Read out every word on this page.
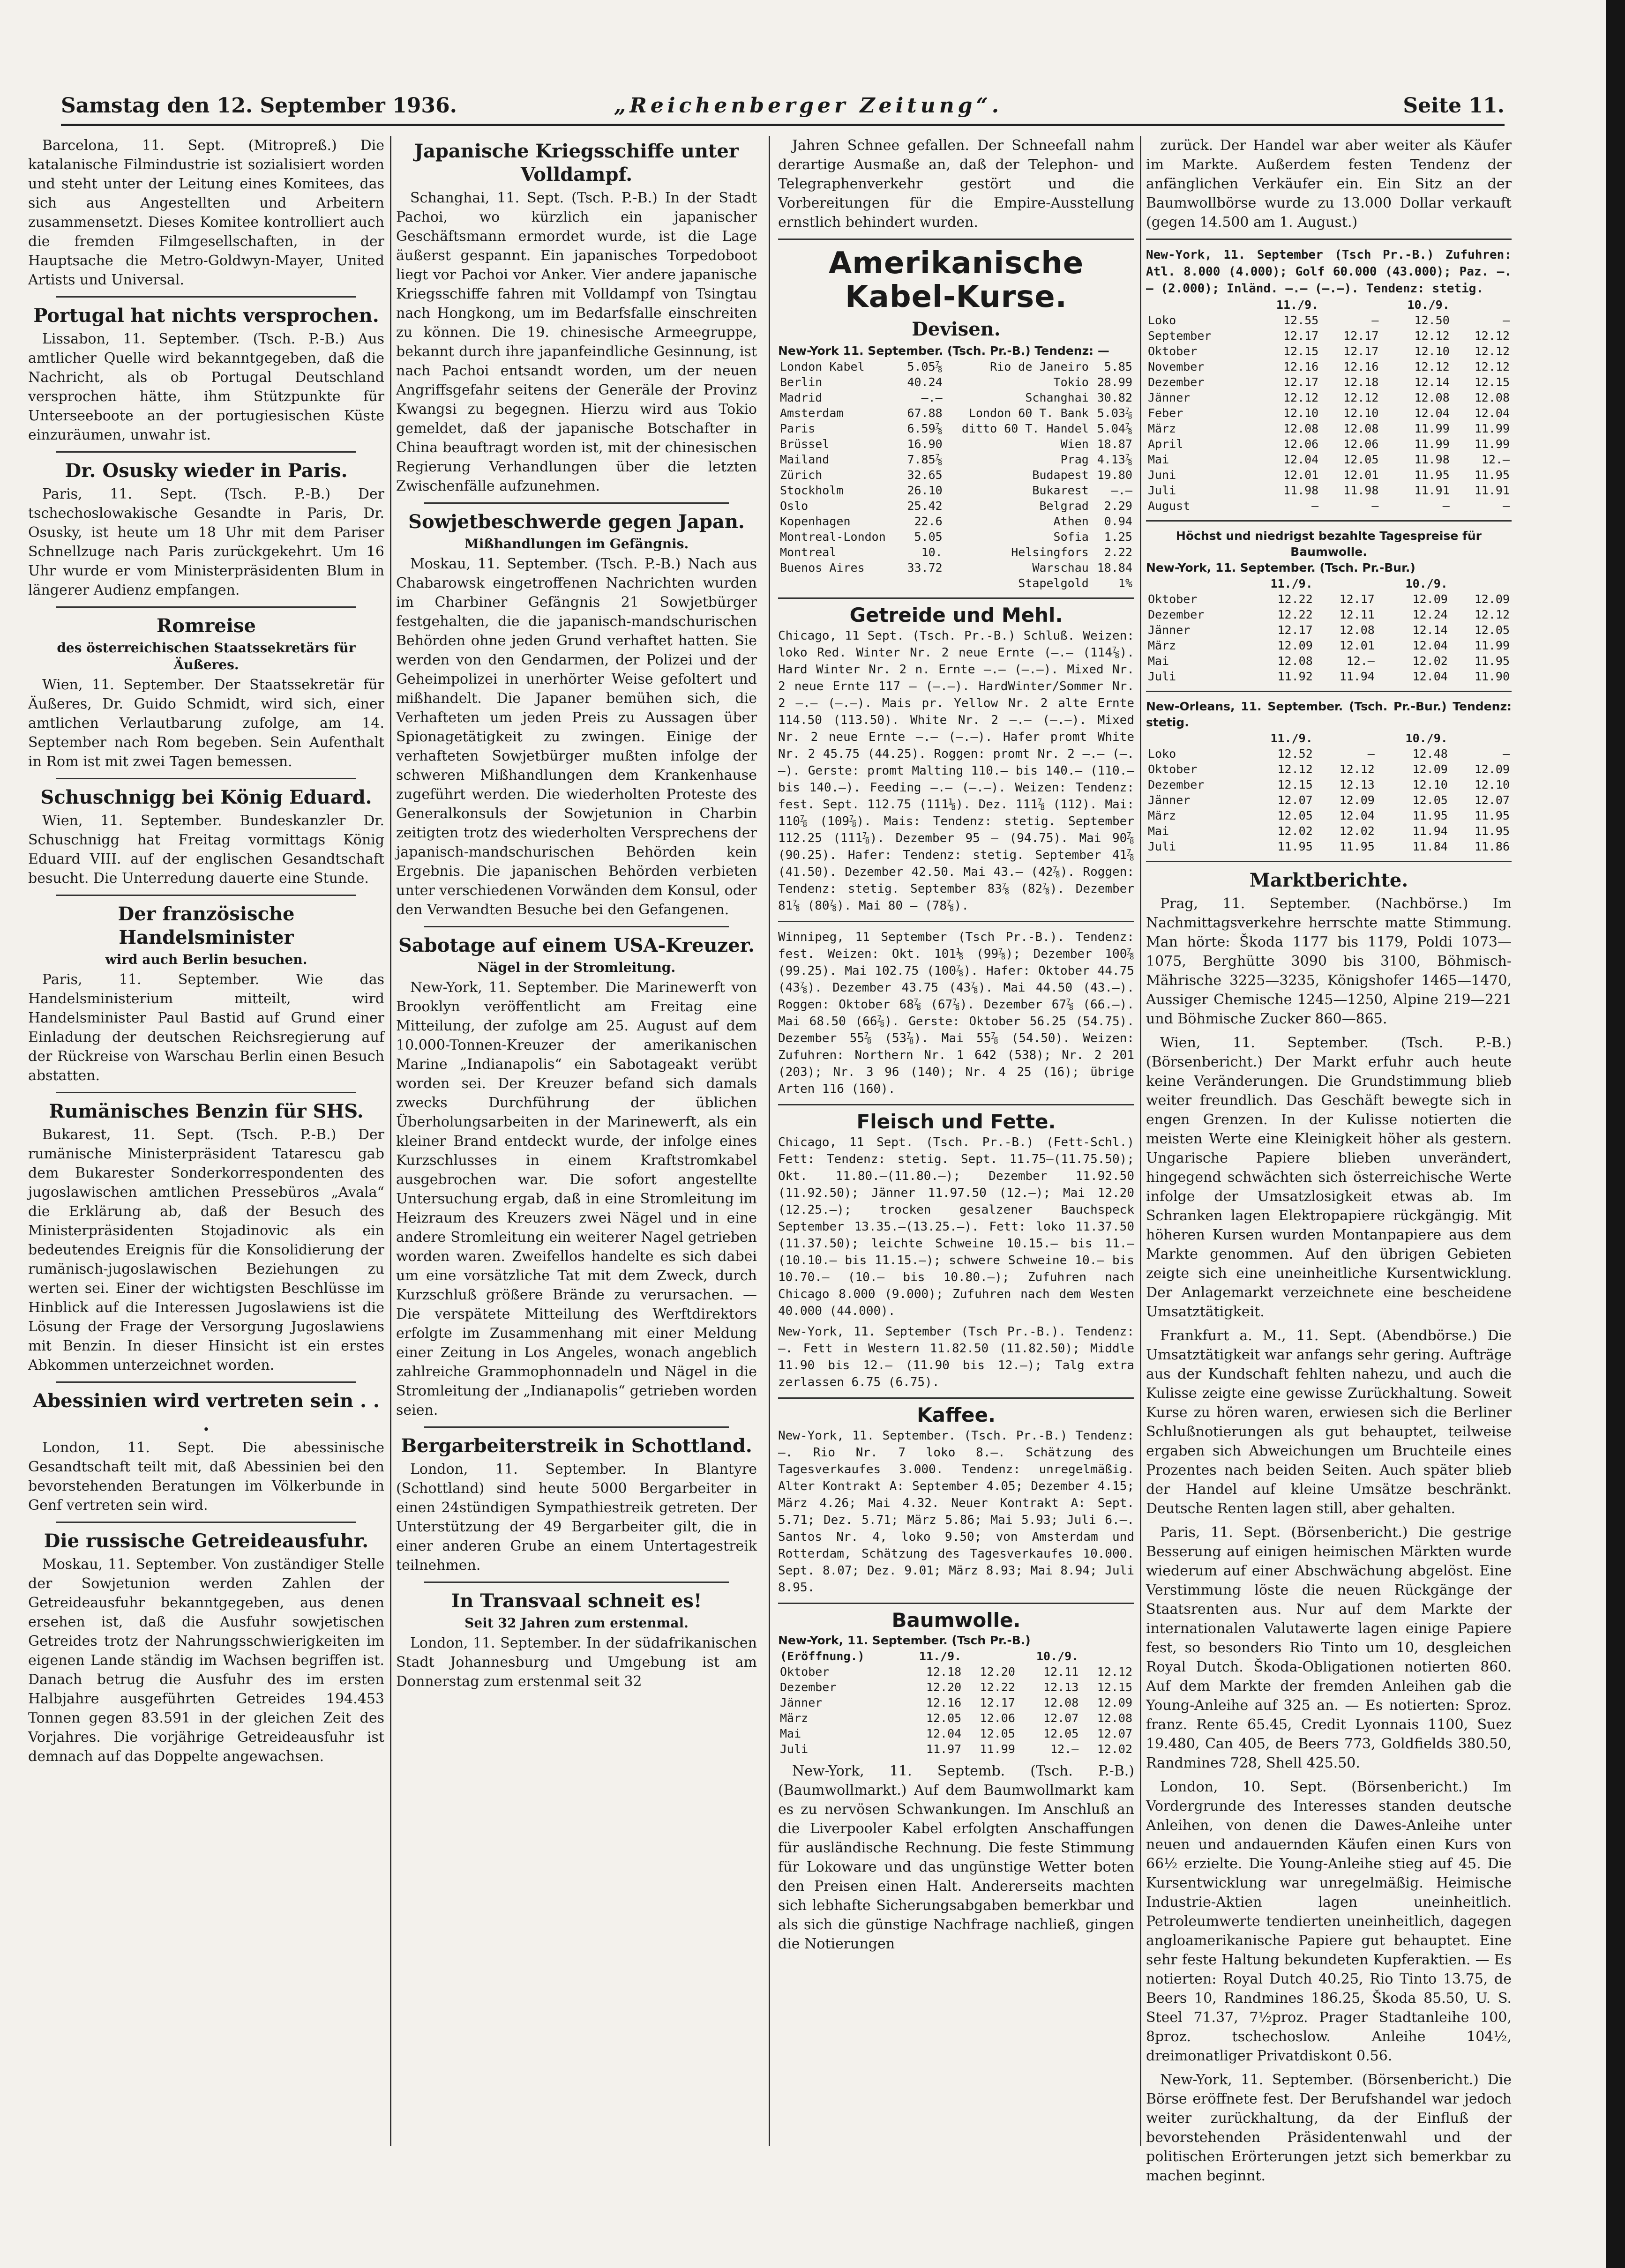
Samstag den 12. September 1936.	„Reichenberger Zeitung“.	Seite 11.

Barcelona, 11. Sept. (Mitropreß.) Die katalanische Filmindustrie ist sozialisiert worden und steht unter der Leitung eines Komitees, das sich aus Angestellten und Arbeitern zusammensetzt. Dieses Komitee kontrolliert auch die fremden Filmgesellschaften, in der Hauptsache die Metro-Goldwyn-Mayer, United Artists und Universal.

Portugal hat nichts versprochen.

Lissabon, 11. September. (Tsch. P.-B.) Aus amtlicher Quelle wird bekanntgegeben, daß die Nachricht, als ob Portugal Deutschland versprochen hätte, ihm Stützpunkte für Unterseeboote an der portugiesischen Küste einzuräumen, unwahr ist.

Dr. Osusky wieder in Paris.

Paris, 11. Sept. (Tsch. P.-B.) Der tschechoslowakische Gesandte in Paris, Dr. Osusky, ist heute um 18 Uhr mit dem Pariser Schnellzuge nach Paris zurückgekehrt. Um 16 Uhr wurde er vom Ministerpräsidenten Blum in längerer Audienz empfangen.

Romreise
des österreichischen Staatssekretärs für Äußeres.

Wien, 11. September. Der Staatssekretär für Äußeres, Dr. Guido Schmidt, wird sich, einer amtlichen Verlautbarung zufolge, am 14. September nach Rom begeben. Sein Aufenthalt in Rom ist mit zwei Tagen bemessen.

Schuschnigg bei König Eduard.

Wien, 11. September. Bundeskanzler Dr. Schuschnigg hat Freitag vormittags König Eduard VIII. auf der englischen Gesandtschaft besucht. Die Unterredung dauerte eine Stunde.

Der französische Handelsminister
wird auch Berlin besuchen.

Paris, 11. September. Wie das Handelsministerium mitteilt, wird Handelsminister Paul Bastid auf Grund einer Einladung der deutschen Reichsregierung auf der Rückreise von Warschau Berlin einen Besuch abstatten.

Rumänisches Benzin für SHS.

Bukarest, 11. Sept. (Tsch. P.-B.) Der rumänische Ministerpräsident Tatarescu gab dem Bukarester Sonderkorrespondenten des jugoslawischen amtlichen Pressebüros „Avala“ die Erklärung ab, daß der Besuch des Ministerpräsidenten Stojadinovic als ein bedeutendes Ereignis für die Konsolidierung der rumänisch-jugoslawischen Beziehungen zu werten sei. Einer der wichtigsten Beschlüsse im Hinblick auf die Interessen Jugoslawiens ist die Lösung der Frage der Versorgung Jugoslawiens mit Benzin. In dieser Hinsicht ist ein erstes Abkommen unterzeichnet worden.

Abessinien wird vertreten sein . . .

London, 11. Sept. Die abessinische Gesandtschaft teilt mit, daß Abessinien bei den bevorstehenden Beratungen im Völkerbunde in Genf vertreten sein wird.

Die russische Getreideausfuhr.

Moskau, 11. September. Von zuständiger Stelle der Sowjetunion werden Zahlen der Getreideausfuhr bekanntgegeben, aus denen ersehen ist, daß die Ausfuhr sowjetischen Getreides trotz der Nahrungsschwierigkeiten im eigenen Lande ständig im Wachsen begriffen ist. Danach betrug die Ausfuhr des im ersten Halbjahre ausgeführten Getreides 194.453 Tonnen gegen 83.591 in der gleichen Zeit des Vorjahres. Die vorjährige Getreideausfuhr ist demnach auf das Doppelte angewachsen.

Japanische Kriegsschiffe unter Volldampf.

Schanghai, 11. Sept. (Tsch. P.-B.) In der Stadt Pachoi, wo kürzlich ein japanischer Geschäftsmann ermordet wurde, ist die Lage äußerst gespannt. Ein japanisches Torpedoboot liegt vor Pachoi vor Anker. Vier andere japanische Kriegsschiffe fahren mit Volldampf von Tsingtau nach Hongkong, um im Bedarfsfalle einschreiten zu können. Die 19. chinesische Armeegruppe, bekannt durch ihre japanfeindliche Gesinnung, ist nach Pachoi entsandt worden, um der neuen Angriffsgefahr seitens der Generäle der Provinz Kwangsi zu begegnen. Hierzu wird aus Tokio gemeldet, daß der japanische Botschafter in China beauftragt worden ist, mit der chinesischen Regierung Verhandlungen über die letzten Zwischenfälle aufzunehmen.

Sowjetbeschwerde gegen Japan.
Mißhandlungen im Gefängnis.

Moskau, 11. September. (Tsch. P.-B.) Nach aus Chabarowsk eingetroffenen Nachrichten wurden im Charbiner Gefängnis 21 Sowjetbürger festgehalten, die die japanisch-mandschurischen Behörden ohne jeden Grund verhaftet hatten. Sie werden von den Gendarmen, der Polizei und der Geheimpolizei in unerhörter Weise gefoltert und mißhandelt. Die Japaner bemühen sich, die Verhafteten um jeden Preis zu Aussagen über Spionagetätigkeit zu zwingen. Einige der verhafteten Sowjetbürger mußten infolge der schweren Mißhandlungen dem Krankenhause zugeführt werden. Die wiederholten Proteste des Generalkonsuls der Sowjetunion in Charbin zeitigten trotz des wiederholten Versprechens der japanisch-mandschurischen Behörden kein Ergebnis. Die japanischen Behörden verbieten unter verschiedenen Vorwänden dem Konsul, oder den Verwandten Besuche bei den Gefangenen.

Sabotage auf einem USA-Kreuzer.
Nägel in der Stromleitung.

New-York, 11. September. Die Marinewerft von Brooklyn veröffentlicht am Freitag eine Mitteilung, der zufolge am 25. August auf dem 10.000-Tonnen-Kreuzer der amerikanischen Marine „Indianapolis“ ein Sabotageakt verübt worden sei. Der Kreuzer befand sich damals zwecks Durchführung der üblichen Überholungsarbeiten in der Marinewerft, als ein kleiner Brand entdeckt wurde, der infolge eines Kurzschlusses in einem Kraftstromkabel ausgebrochen war. Die sofort angestellte Untersuchung ergab, daß in eine Stromleitung im Heizraum des Kreuzers zwei Nägel und in eine andere Stromleitung ein weiterer Nagel getrieben worden waren. Zweifellos handelte es sich dabei um eine vorsätzliche Tat mit dem Zweck, durch Kurzschluß größere Brände zu verursachen. — Die verspätete Mitteilung des Werftdirektors erfolgte im Zusammenhang mit einer Meldung einer Zeitung in Los Angeles, wonach angeblich zahlreiche Grammophonnadeln und Nägel in die Stromleitung der „Indianapolis“ getrieben worden seien.

Bergarbeiterstreik in Schottland.

London, 11. September. In Blantyre (Schottland) sind heute 5000 Bergarbeiter in einen 24stündigen Sympathiestreik getreten. Der Unterstützung der 49 Bergarbeiter gilt, die in einer anderen Grube an einem Untertagestreik teilnehmen.

In Transvaal schneit es!
Seit 32 Jahren zum erstenmal.

London, 11. September. In der südafrikanischen Stadt Johannesburg und Umgebung ist am Donnerstag zum erstenmal seit 32

Jahren Schnee gefallen. Der Schneefall nahm derartige Ausmaße an, daß der Telephon- und Telegraphenverkehr gestört und die Vorbereitungen für die Empire-Ausstellung ernstlich behindert wurden.

Amerikanische Kabel-Kurse.
Devisen.
New-York 11. September. (Tsch. Pr.-B.) Tendenz: —
London Kabel	5.05⅞	Rio de Janeiro	5.85
Berlin	40.24	Tokio	28.99
Madrid	—.—	Schanghai	30.82
Amsterdam	67.88	London 60 T. Bank	5.03⅞
Paris	6.59⅞	ditto 60 T. Handel	5.04⅞
Brüssel	16.90	Wien	18.87
Mailand	7.85⅞	Prag	4.13⅞
Zürich	32.65	Budapest	19.80
Stockholm	26.10	Bukarest	—.—
Oslo	25.42	Belgrad	2.29
Kopenhagen	22.6	Athen	0.94
Montreal-London	5.05	Sofia	1.25
Montreal	10.	Helsingfors	2.22
Buenos Aires	33.72	Warschau	18.84
		Stapelgold	1%
Getreide und Mehl.
Chicago, 11 Sept. (Tsch. Pr.-B.) Schluß. Weizen: loko Red. Winter Nr. 2 neue Ernte (—.— (114⅞). Hard Winter Nr. 2 n. Ernte —.— (—.—). Mixed Nr. 2 neue Ernte 117 — (—.—). HardWinter/Sommer Nr. 2 —.— (—.—). Mais pr. Yellow Nr. 2 alte Ernte 114.50 (113.50). White Nr. 2 —.— (—.—). Mixed Nr. 2 neue Ernte —.— (—.—). Hafer promt White Nr. 2 45.75 (44.25). Roggen: promt Nr. 2 —.— (—.—). Gerste: promt Malting 110.— bis 140.— (110.— bis 140.—). Feeding —.— (—.—). Weizen: Tendenz: fest. Sept. 112.75 (111⅛). Dez. 111⅞ (112). Mai: 110⅞ (109⅞). Mais: Tendenz: stetig. September 112.25 (111⅞). Dezember 95 — (94.75). Mai 90⅞ (90.25). Hafer: Tendenz: stetig. September 41⅞ (41.50). Dezember 42.50. Mai 43.— (42⅞). Roggen: Tendenz: stetig. September 83⅞ (82⅞). Dezember 81⅞ (80⅞). Mai 80 — (78⅞).
Winnipeg, 11 September (Tsch Pr.-B.). Tendenz: fest. Weizen: Okt. 101⅛ (99⅞); Dezember 100⅞ (99.25). Mai 102.75 (100⅞). Hafer: Oktober 44.75 (43⅞). Dezember 43.75 (43⅞). Mai 44.50 (43.—). Roggen: Oktober 68⅞ (67⅞). Dezember 67⅞ (66.—). Mai 68.50 (66⅞). Gerste: Oktober 56.25 (54.75). Dezember 55⅞ (53⅞). Mai 55⅞ (54.50). Weizen: Zufuhren: Northern Nr. 1 642 (538); Nr. 2 201 (203); Nr. 3 96 (140); Nr. 4 25 (16); übrige Arten 116 (160).
Fleisch und Fette.
Chicago, 11 Sept. (Tsch. Pr.-B.) (Fett-Schl.) Fett: Tendenz: stetig. Sept. 11.75—(11.75.50); Okt. 11.80.—(11.80.—); Dezember 11.92.50 (11.92.50); Jänner 11.97.50 (12.—); Mai 12.20 (12.25.—); trocken gesalzener Bauchspeck September 13.35.—(13.25.—). Fett: loko 11.37.50 (11.37.50); leichte Schweine 10.15.— bis 11.—(10.10.— bis 11.15.—); schwere Schweine 10.— bis 10.70.— (10.— bis 10.80.—); Zufuhren nach Chicago 8.000 (9.000); Zufuhren nach dem Westen 40.000 (44.000).
New-York, 11. September (Tsch Pr.-B.). Tendenz: —. Fett in Western 11.82.50 (11.82.50); Middle 11.90 bis 12.— (11.90 bis 12.—); Talg extra zerlassen 6.75 (6.75).
Kaffee.
New-York, 11. September. (Tsch. Pr.-B.) Tendenz: —. Rio Nr. 7 loko 8.—. Schätzung des Tagesverkaufes 3.000. Tendenz: unregelmäßig. Alter Kontrakt A: September 4.05; Dezember 4.15; März 4.26; Mai 4.32. Neuer Kontrakt A: Sept. 5.71; Dez. 5.71; März 5.86; Mai 5.93; Juli 6.—. Santos Nr. 4, loko 9.50; von Amsterdam und Rotterdam, Schätzung des Tagesverkaufes 10.000. Sept. 8.07; Dez. 9.01; März 8.93; Mai 8.94; Juli 8.95.
Baumwolle.
New-York, 11. September. (Tsch Pr.-B.)
(Eröffnung.)	11./9.		10./9.	
Oktober	12.18	12.20	12.11	12.12
Dezember	12.20	12.22	12.13	12.15
Jänner	12.16	12.17	12.08	12.09
März	12.05	12.06	12.07	12.08
Mai	12.04	12.05	12.05	12.07
Juli	11.97	11.99	12.—	12.02

New-York, 11. Septemb. (Tsch. P.-B.) (Baumwollmarkt.) Auf dem Baumwollmarkt kam es zu nervösen Schwankungen. Im Anschluß an die Liverpooler Kabel erfolgten Anschaffungen für ausländische Rechnung. Die feste Stimmung für Lokoware und das ungünstige Wetter boten den Preisen einen Halt. Andererseits machten sich lebhafte Sicherungsabgaben bemerkbar und als sich die günstige Nachfrage nachließ, gingen die Notierungen

zurück. Der Handel war aber weiter als Käufer im Markte. Außerdem festen Tendenz der anfänglichen Verkäufer ein. Ein Sitz an der Baumwollbörse wurde zu 13.000 Dollar verkauft (gegen 14.500 am 1. August.)

New-York, 11. September (Tsch Pr.-B.) Zufuhren: Atl. 8.000 (4.000); Golf 60.000 (43.000); Paz. —.— (2.000); Inländ. —.— (—.—). Tendenz: stetig.
	11./9.		10./9.	
Loko	12.55	—	12.50	—
September	12.17	12.17	12.12	12.12
Oktober	12.15	12.17	12.10	12.12
November	12.16	12.16	12.12	12.12
Dezember	12.17	12.18	12.14	12.15
Jänner	12.12	12.12	12.08	12.08
Feber	12.10	12.10	12.04	12.04
März	12.08	12.08	11.99	11.99
April	12.06	12.06	11.99	11.99
Mai	12.04	12.05	11.98	12.—
Juni	12.01	12.01	11.95	11.95
Juli	11.98	11.98	11.91	11.91
August	—	—	—	—
Höchst und niedrigst bezahlte Tagespreise für Baumwolle.
New-York, 11. September. (Tsch. Pr.-Bur.)
	11./9.		10./9.	
Oktober	12.22	12.17	12.09	12.09
Dezember	12.22	12.11	12.24	12.12
Jänner	12.17	12.08	12.14	12.05
März	12.09	12.01	12.04	11.99
Mai	12.08	12.—	12.02	11.95
Juli	11.92	11.94	12.04	11.90
New-Orleans, 11. September. (Tsch. Pr.-Bur.) Tendenz: stetig.
	11./9.		10./9.	
Loko	12.52	—	12.48	—
Oktober	12.12	12.12	12.09	12.09
Dezember	12.15	12.13	12.10	12.10
Jänner	12.07	12.09	12.05	12.07
März	12.05	12.04	11.95	11.95
Mai	12.02	12.02	11.94	11.95
Juli	11.95	11.95	11.84	11.86
Marktberichte.

Prag, 11. September. (Nachbörse.) Im Nachmittagsverkehre herrschte matte Stimmung. Man hörte: Škoda 1177 bis 1179, Poldi 1073—1075, Berghütte 3090 bis 3100, Böhmisch-Mährische 3225—3235, Königshofer 1465—1470, Aussiger Chemische 1245—1250, Alpine 219—221 und Böhmische Zucker 860—865.

Wien, 11. September. (Tsch. P.-B.) (Börsenbericht.) Der Markt erfuhr auch heute keine Veränderungen. Die Grundstimmung blieb weiter freundlich. Das Geschäft bewegte sich in engen Grenzen. In der Kulisse notierten die meisten Werte eine Kleinigkeit höher als gestern. Ungarische Papiere blieben unverändert, hingegend schwächten sich österreichische Werte infolge der Umsatzlosigkeit etwas ab. Im Schranken lagen Elektropapiere rückgängig. Mit höheren Kursen wurden Montanpapiere aus dem Markte genommen. Auf den übrigen Gebieten zeigte sich eine uneinheitliche Kursentwicklung. Der Anlagemarkt verzeichnete eine bescheidene Umsatztätigkeit.

Frankfurt a. M., 11. Sept. (Abendbörse.) Die Umsatztätigkeit war anfangs sehr gering. Aufträge aus der Kundschaft fehlten nahezu, und auch die Kulisse zeigte eine gewisse Zurückhaltung. Soweit Kurse zu hören waren, erwiesen sich die Berliner Schlußnotierungen als gut behauptet, teilweise ergaben sich Abweichungen um Bruchteile eines Prozentes nach beiden Seiten. Auch später blieb der Handel auf kleine Umsätze beschränkt. Deutsche Renten lagen still, aber gehalten.

Paris, 11. Sept. (Börsenbericht.) Die gestrige Besserung auf einigen heimischen Märkten wurde wiederum auf einer Abschwächung abgelöst. Eine Verstimmung löste die neuen Rückgänge der Staatsrenten aus. Nur auf dem Markte der internationalen Valutawerte lagen einige Papiere fest, so besonders Rio Tinto um 10, desgleichen Royal Dutch. Škoda-Obligationen notierten 860. Auf dem Markte der fremden Anleihen gab die Young-Anleihe auf 325 an. — Es notierten: Sproz. franz. Rente 65.45, Credit Lyonnais 1100, Suez 19.480, Can 405, de Beers 773, Goldfields 380.50, Randmines 728, Shell 425.50.

London, 10. Sept. (Börsenbericht.) Im Vordergrunde des Interesses standen deutsche Anleihen, von denen die Dawes-Anleihe unter neuen und andauernden Käufen einen Kurs von 66½ erzielte. Die Young-Anleihe stieg auf 45. Die Kursentwicklung war unregelmäßig. Heimische Industrie-Aktien lagen uneinheitlich. Petroleumwerte tendierten uneinheitlich, dagegen angloamerikanische Papiere gut behauptet. Eine sehr feste Haltung bekundeten Kupferaktien. — Es notierten: Royal Dutch 40.25, Rio Tinto 13.75, de Beers 10, Randmines 186.25, Škoda 85.50, U. S. Steel 71.37, 7½proz. Prager Stadtanleihe 100, 8proz. tschechoslow. Anleihe 104½, dreimonatliger Privatdiskont 0.56.

New-York, 11. September. (Börsenbericht.) Die Börse eröffnete fest. Der Berufshandel war jedoch weiter zurückhaltung, da der Einfluß der bevorstehenden Präsidentenwahl und der politischen Erörterungen jetzt sich bemerkbar zu machen beginnt.
